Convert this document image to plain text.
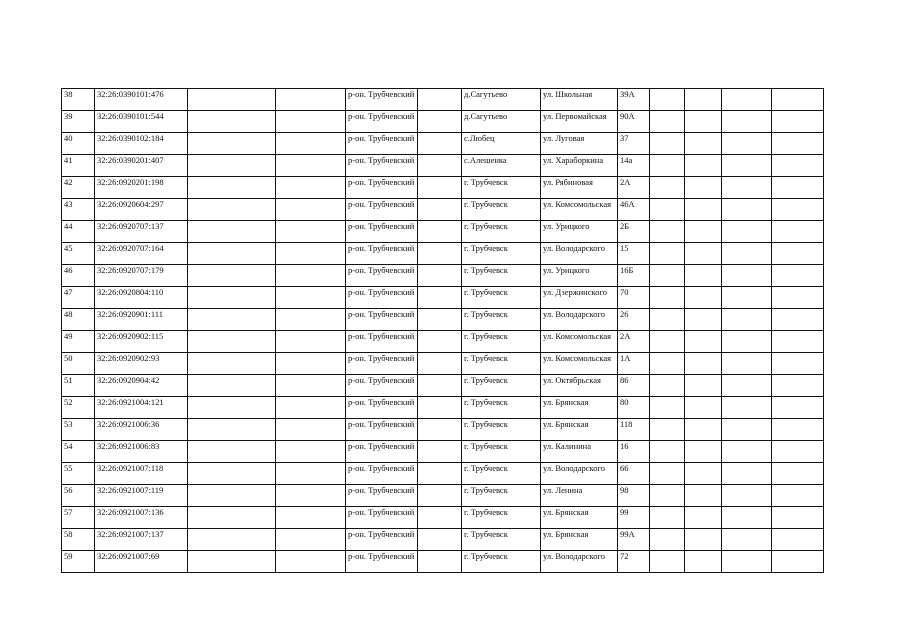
38	32:26:0390101:476			р-он. Трубчевский		д.Сагутьево	ул. Школьная	39А				
39	32:26:0390101:544			р-он. Трубчевский		д.Сагутьево	ул. Первомайская	90А				
40	32:26:0390102:184			р-он. Трубчевский		с.Любец	ул. Луговая	37				
41	32:26:0390201:407			р-он. Трубчевский		с.Алешенка	ул. Хараборкина	14а				
42	32:26:0920201:198			р-он. Трубчевский		г. Трубчевск	ул. Рябиновая	2А				
43	32:26:0920604:297			р-он. Трубчевский		г. Трубчевск	ул. Комсомольская	46А				
44	32:26:0920707:137			р-он. Трубчевский		г. Трубчевск	ул. Урицкого	2Б				
45	32:26:0920707:164			р-он. Трубчевский		г. Трубчевск	ул. Володарского	15				
46	32:26:0920707:179			р-он. Трубчевский		г. Трубчевск	ул. Урицкого	16Б				
47	32:26:0920804:110			р-он. Трубчевский		г. Трубчевск	ул. Дзержинского	70				
48	32:26:0920901:111			р-он. Трубчевский		г. Трубчевск	ул. Володарского	26				
49	32:26:0920902:115			р-он. Трубчевский		г. Трубчевск	ул. Комсомольская	2А				
50	32:26:0920902:93			р-он. Трубчевский		г. Трубчевск	ул. Комсомольская	1А				
51	32:26:0920904:42			р-он. Трубчевский		г. Трубчевск	ул. Октябрьская	86				
52	32:26:0921004:121			р-он. Трубчевский		г. Трубчевск	ул. Брянская	80				
53	32:26:0921006:36			р-он. Трубчевский		г. Трубчевск	ул. Брянская	118				
54	32:26:0921006:83			р-он. Трубчевский		г. Трубчевск	ул. Калинина	16				
55	32:26:0921007:118			р-он. Трубчевский		г. Трубчевск	ул. Володарского	66				
56	32:26:0921007:119			р-он. Трубчевский		г. Трубчевск	ул. Ленина	98				
57	32:26:0921007:136			р-он. Трубчевский		г. Трубчевск	ул. Брянская	99				
58	32:26:0921007:137			р-он. Трубчевский		г. Трубчевск	ул. Брянская	99А				
59	32:26:0921007:69			р-он. Трубчевский		г. Трубчевск	ул. Володарского	72				
